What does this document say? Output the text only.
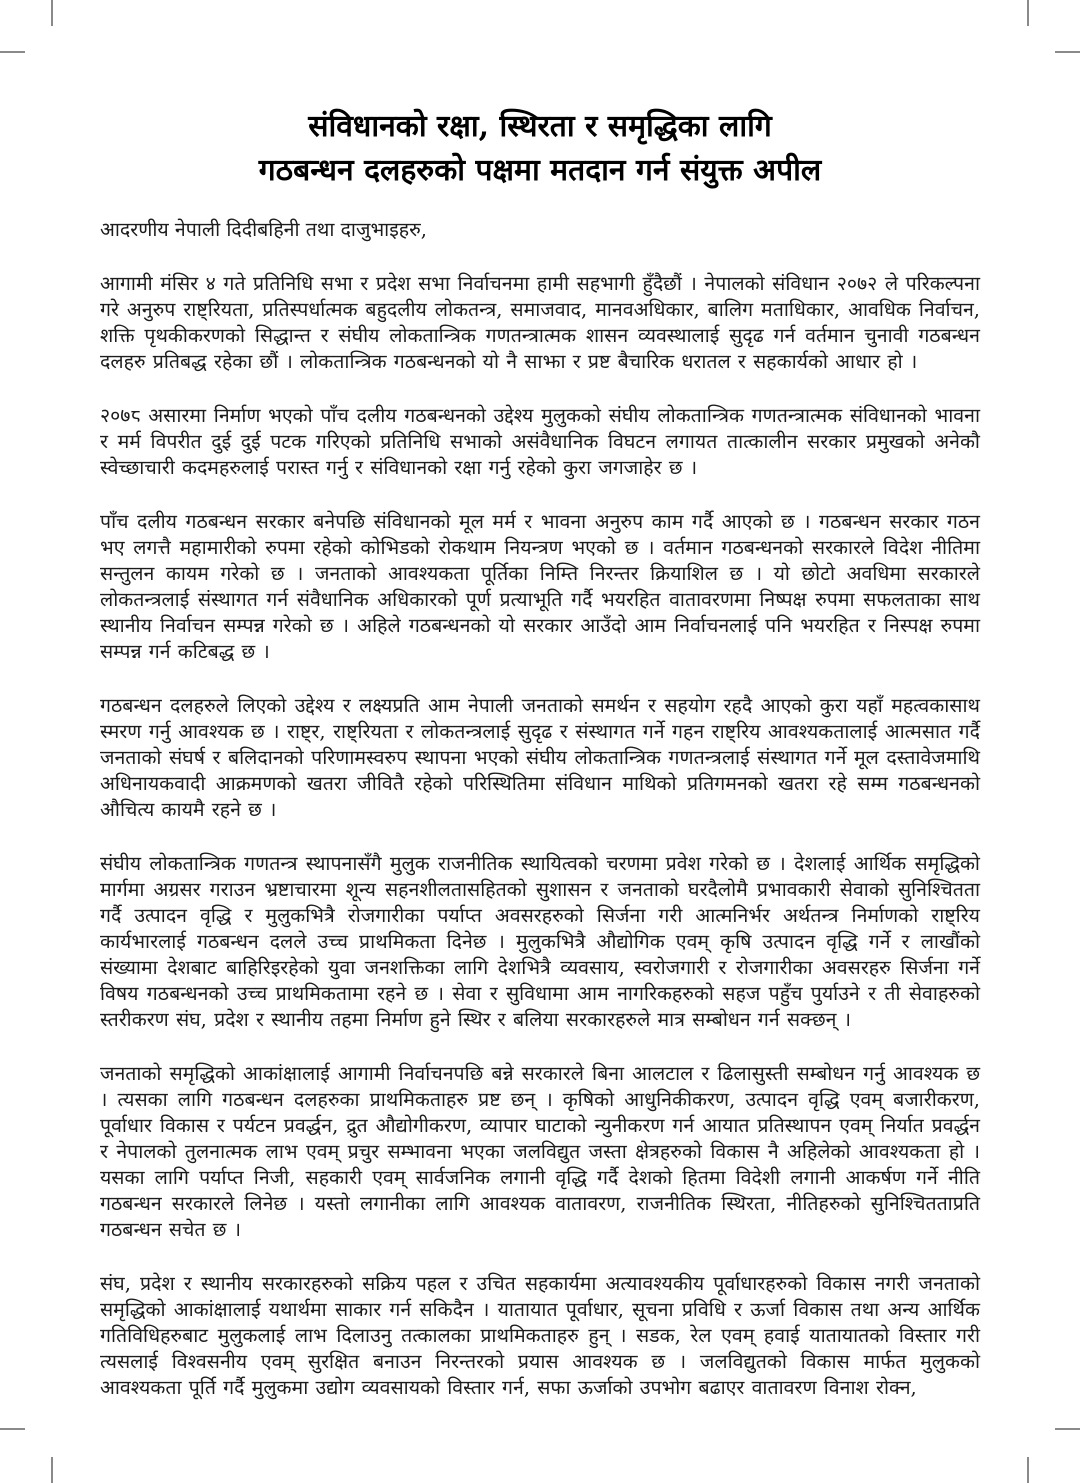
संविधानको रक्षा, स्थिरता र समृद्धिका लागि
गठबन्धन दलहरुको पक्षमा मतदान गर्न संयुक्त अपील

आदरणीय नेपाली दिदीबहिनी तथा दाजुभाइहरु,

आगामी मंसिर ४ गते प्रतिनिधि सभा र प्रदेश सभा निर्वाचनमा हामी सहभागी हुँदैछौं । नेपालको संविधान २०७२ ले परिकल्पना गरे अनुरुप राष्ट्रियता, प्रतिस्पर्धात्मक बहुदलीय लोकतन्त्र, समाजवाद, मानवअधिकार, बालिग मताधिकार, आवधिक निर्वाचन, शक्ति पृथकीकरणको सिद्धान्त र संघीय लोकतान्त्रिक गणतन्त्रात्मक शासन व्यवस्थालाई सुदृढ गर्न वर्तमान चुनावी गठबन्धन दलहरु प्रतिबद्ध रहेका छौं । लोकतान्त्रिक गठबन्धनको यो नै साझा र प्रष्ट बैचारिक धरातल र सहकार्यको आधार हो ।

२०७८ असारमा निर्माण भएको पाँच दलीय गठबन्धनको उद्देश्य मुलुकको संघीय लोकतान्त्रिक गणतन्त्रात्मक संविधानको भावना र मर्म विपरीत दुई दुई पटक गरिएको प्रतिनिधि सभाको असंवैधानिक विघटन लगायत तात्कालीन सरकार प्रमुखको अनेकौ स्वेच्छाचारी कदमहरुलाई परास्त गर्नु र संविधानको रक्षा गर्नु रहेको कुरा जगजाहेर छ ।

पाँच दलीय गठबन्धन सरकार बनेपछि संविधानको मूल मर्म र भावना अनुरुप काम गर्दै आएको छ । गठबन्धन सरकार गठन भए लगत्तै महामारीको रुपमा रहेको कोभिडको रोकथाम नियन्त्रण भएको छ । वर्तमान गठबन्धनको सरकारले विदेश नीतिमा सन्तुलन कायम गरेको छ । जनताको आवश्यकता पूर्तिका निम्ति निरन्तर क्रियाशिल छ । यो छोटो अवधिमा सरकारले लोकतन्त्रलाई संस्थागत गर्न संवैधानिक अधिकारको पूर्ण प्रत्याभूति गर्दै भयरहित वातावरणमा निष्पक्ष रुपमा सफलताका साथ स्थानीय निर्वाचन सम्पन्न गरेको छ । अहिले गठबन्धनको यो सरकार आउँदो आम निर्वाचनलाई पनि भयरहित र निस्पक्ष रुपमा सम्पन्न गर्न कटिबद्ध छ ।

गठबन्धन दलहरुले लिएको उद्देश्य र लक्ष्यप्रति आम नेपाली जनताको समर्थन र सहयोग रहदै आएको कुरा यहाँ महत्वकासाथ स्मरण गर्नु आवश्यक छ । राष्ट्र, राष्ट्रियता र लोकतन्त्रलाई सुदृढ र संस्थागत गर्ने गहन राष्ट्रिय आवश्यकतालाई आत्मसात गर्दै जनताको संघर्ष र बलिदानको परिणामस्वरुप स्थापना भएको संघीय लोकतान्त्रिक गणतन्त्रलाई संस्थागत गर्ने मूल दस्तावेजमाथि अधिनायकवादी आक्रमणको खतरा जीवितै रहेको परिस्थितिमा संविधान माथिको प्रतिगमनको खतरा रहे सम्म गठबन्धनको औचित्य कायमै रहने छ ।

संघीय लोकतान्त्रिक गणतन्त्र स्थापनासँगै मुलुक राजनीतिक स्थायित्वको चरणमा प्रवेश गरेको छ । देशलाई आर्थिक समृद्धिको मार्गमा अग्रसर गराउन भ्रष्टाचारमा शून्य सहनशीलतासहितको सुशासन र जनताको घरदैलोमै प्रभावकारी सेवाको सुनिश्चितता गर्दै उत्पादन वृद्धि र मुलुकभित्रै रोजगारीका पर्याप्त अवसरहरुको सिर्जना गरी आत्मनिर्भर अर्थतन्त्र निर्माणको राष्ट्रिय कार्यभारलाई गठबन्धन दलले उच्च प्राथमिकता दिनेछ । मुलुकभित्रै औद्योगिक एवम् कृषि उत्पादन वृद्धि गर्ने र लाखौंको संख्यामा देशबाट बाहिरिइरहेको युवा जनशक्तिका लागि देशभित्रै व्यवसाय, स्वरोजगारी र रोजगारीका अवसरहरु सिर्जना गर्ने विषय गठबन्धनको उच्च प्राथमिकतामा रहने छ । सेवा र सुविधामा आम नागरिकहरुको सहज पहुँच पुर्याउने र ती सेवाहरुको स्तरीकरण संघ, प्रदेश र स्थानीय तहमा निर्माण हुने स्थिर र बलिया सरकारहरुले मात्र सम्बोधन गर्न सक्छन् ।

जनताको समृद्धिको आकांक्षालाई आगामी निर्वाचनपछि बन्ने सरकारले बिना आलटाल र ढिलासुस्ती सम्बोधन गर्नु आवश्यक छ । त्यसका लागि गठबन्धन दलहरुका प्राथमिकताहरु प्रष्ट छन् । कृषिको आधुनिकीकरण, उत्पादन वृद्धि एवम् बजारीकरण, पूर्वाधार विकास र पर्यटन प्रवर्द्धन, द्रुत औद्योगीकरण, व्यापार घाटाको न्युनीकरण गर्न आयात प्रतिस्थापन एवम् निर्यात प्रवर्द्धन र नेपालको तुलनात्मक लाभ एवम् प्रचुर सम्भावना भएका जलविद्युत जस्ता क्षेत्रहरुको विकास नै अहिलेको आवश्यकता हो । यसका लागि पर्याप्त निजी, सहकारी एवम् सार्वजनिक लगानी वृद्धि गर्दै देशको हितमा विदेशी लगानी आकर्षण गर्ने नीति गठबन्धन सरकारले लिनेछ । यस्तो लगानीका लागि आवश्यक वातावरण, राजनीतिक स्थिरता, नीतिहरुको सुनिश्चितताप्रति गठबन्धन सचेत छ ।

संघ, प्रदेश र स्थानीय सरकारहरुको सक्रिय पहल र उचित सहकार्यमा अत्यावश्यकीय पूर्वाधारहरुको विकास नगरी जनताको समृद्धिको आकांक्षालाई यथार्थमा साकार गर्न सकिदैन । यातायात पूर्वाधार, सूचना प्रविधि र ऊर्जा विकास तथा अन्य आर्थिक गतिविधिहरुबाट मुलुकलाई लाभ दिलाउनु तत्कालका प्राथमिकताहरु हुन् । सडक, रेल एवम् हवाई यातायातको विस्तार गरी त्यसलाई विश्वसनीय एवम् सुरक्षित बनाउन निरन्तरको प्रयास आवश्यक छ । जलविद्युतको विकास मार्फत मुलुकको आवश्यकता पूर्ति गर्दै मुलुकमा उद्योग व्यवसायको विस्तार गर्न, सफा ऊर्जाको उपभोग बढाएर वातावरण विनाश रोक्न,
